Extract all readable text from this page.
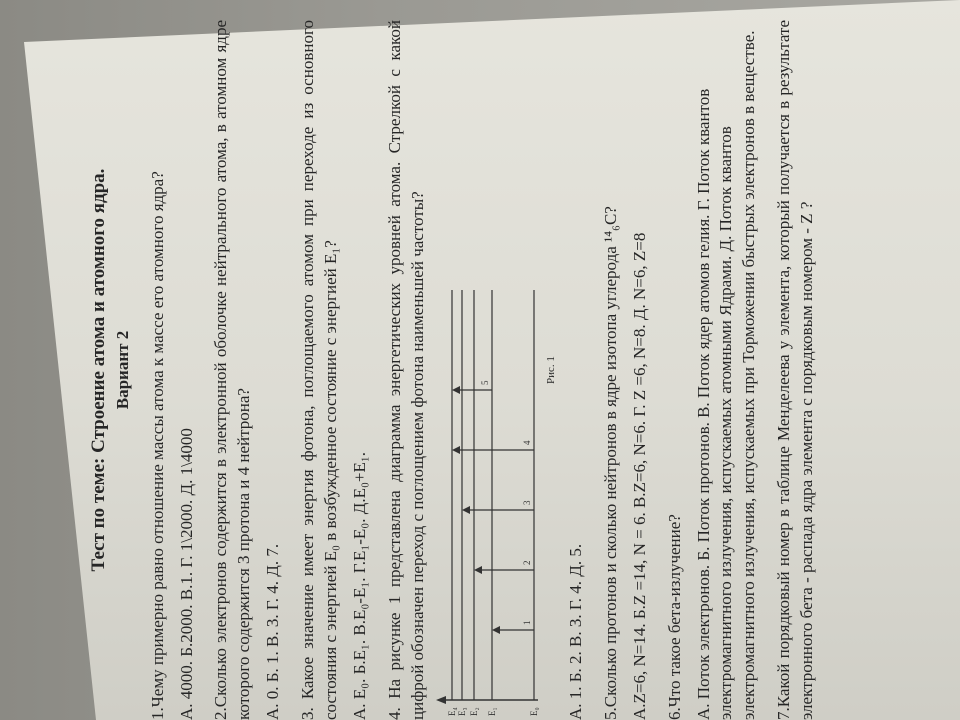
Тест по теме: Строение атома и атомного ядра. Вариант 2 1.Чему примерно равно отношение массы атома к массе его атомного ядра? А. 4000. Б.2000. В.1. Г. 1\2000. Д. 1\4000 2.Сколько электронов содержится в электронной оболочке нейтрального атома, в атомном ядре которого содержится 3 протона и 4 нейтрона? А. 0. Б. 1. В. 3. Г. 4. Д. 7. 3. Какое значение имеет энергия фотона, поглощаемого атомом при переходе из основного состояния с энергией E₀ в возбужденное состояние с энергией E₁? А. E₀. Б.E₁. В.E₀-E₁. Г.E₁-E₀. Д.E₀+E₁. 4. На рисунке 1 представлена диаграмма энергетических уровней атома. Стрелкой с какой цифрой обозначен переход с поглощением фотона наименьшей частоты?	E₀
E₁
E₂
E₃
E₄
1
2
3
4
5	Рис. 1

А. 1. Б. 2. В. 3. Г. 4. Д. 5. 5.Сколько протонов и сколько нейтронов в ядре изотопа углерода ¹⁴₆С? А.Z=6, N=14. Б.Z =14, N = 6. В.Z=6, N=6. Г. Z =6, N=8. Д. N=6, Z=8 6.Что такое бета-излучение? А. Поток электронов. Б. Поток протонов. В. Поток ядер атомов гелия. Г. Поток квантов электромагнитного излучения, испускаемых атомными Ядрами. Д. Поток квантов электромагнитного излучения, испускаемых при Торможении быстрых электронов в веществе. 7.Какой порядковый номер в таблице Менделеева у элемента, который получается в результате электронного бета - распада ядра элемента с порядковым номером - Z ?
